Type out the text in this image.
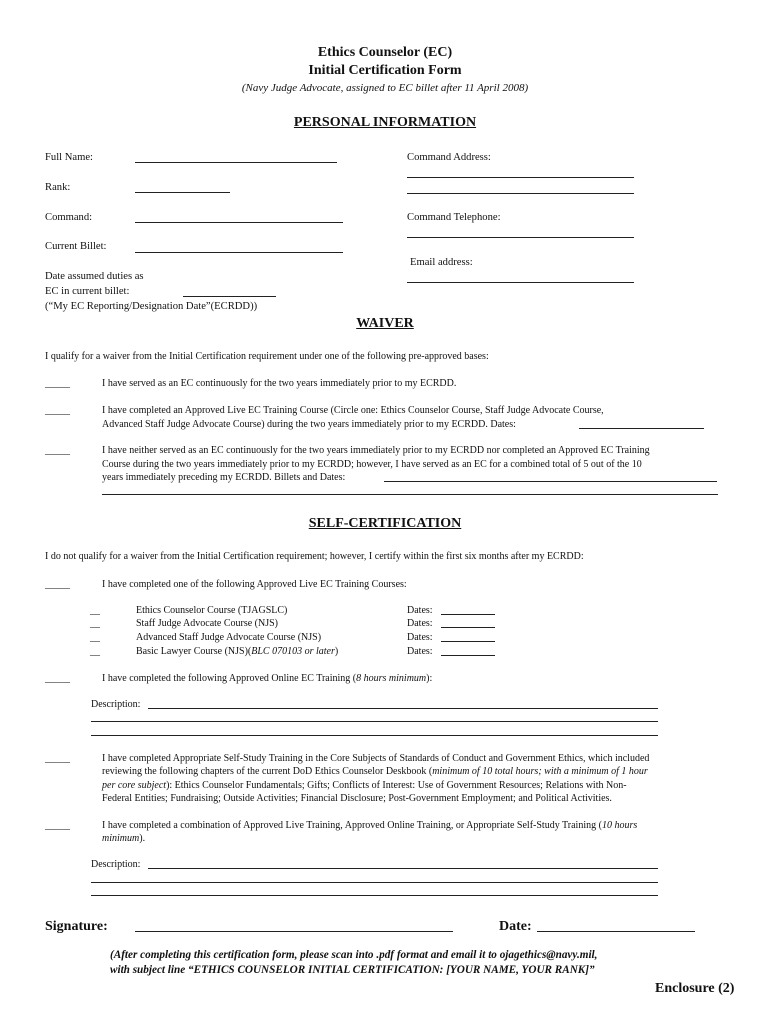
Ethics Counselor (EC)
Initial Certification Form
(Navy Judge Advocate, assigned to EC billet after 11 April 2008)
PERSONAL INFORMATION
Full Name:
Rank:
Command:
Current Billet:
Date assumed duties as
EC in current billet:
(“My EC Reporting/Designation Date”(ECRDD))
Command Address:
Command Telephone:
Email address:
WAIVER
I qualify for a waiver from the Initial Certification requirement under one of the following pre-approved bases:
_____	I have served as an EC continuously for the two years immediately prior to my ECRDD.
_____	I have completed an Approved Live EC Training Course (Circle one: Ethics Counselor Course, Staff Judge Advocate Course,
Advanced Staff Judge Advocate Course) during the two years immediately prior to my ECRDD. Dates:
_____	I have neither served as an EC continuously for the two years immediately prior to my ECRDD nor completed an Approved EC Training
Course during the two years immediately prior to my ECRDD; however, I have served as an EC for a combined total of 5 out of the 10
years immediately preceding my ECRDD. Billets and Dates:
SELF-CERTIFICATION
I do not qualify for a waiver from the Initial Certification requirement; however, I certify within the first six months after my ECRDD:
_____	I have completed one of the following Approved Live EC Training Courses:
__	Ethics Counselor Course (TJAGSLC)	Dates:
__	Staff Judge Advocate Course (NJS)	Dates:
__	Advanced Staff Judge Advocate Course (NJS)	Dates:
__	Basic Lawyer Course (NJS)(BLC 070103 or later)	Dates:
_____	I have completed the following Approved Online EC Training (8 hours minimum):
Description:
_____	I have completed Appropriate Self-Study Training in the Core Subjects of Standards of Conduct and Government Ethics, which included
reviewing the following chapters of the current DoD Ethics Counselor Deskbook (minimum of 10 total hours; with a minimum of 1 hour
per core subject): Ethics Counselor Fundamentals; Gifts; Conflicts of Interest: Use of Government Resources; Relations with Non-
Federal Entities; Fundraising; Outside Activities; Financial Disclosure; Post-Government Employment; and Political Activities.
_____	I have completed a combination of Approved Live Training, Approved Online Training, or Appropriate Self-Study Training (10 hours
minimum).
Description:
Signature:	Date:
(After completing this certification form, please scan into .pdf format and email it to ojagethics@navy.mil,
with subject line “ETHICS COUNSELOR INITIAL CERTIFICATION: [YOUR NAME, YOUR RANK]”
Enclosure (2)
